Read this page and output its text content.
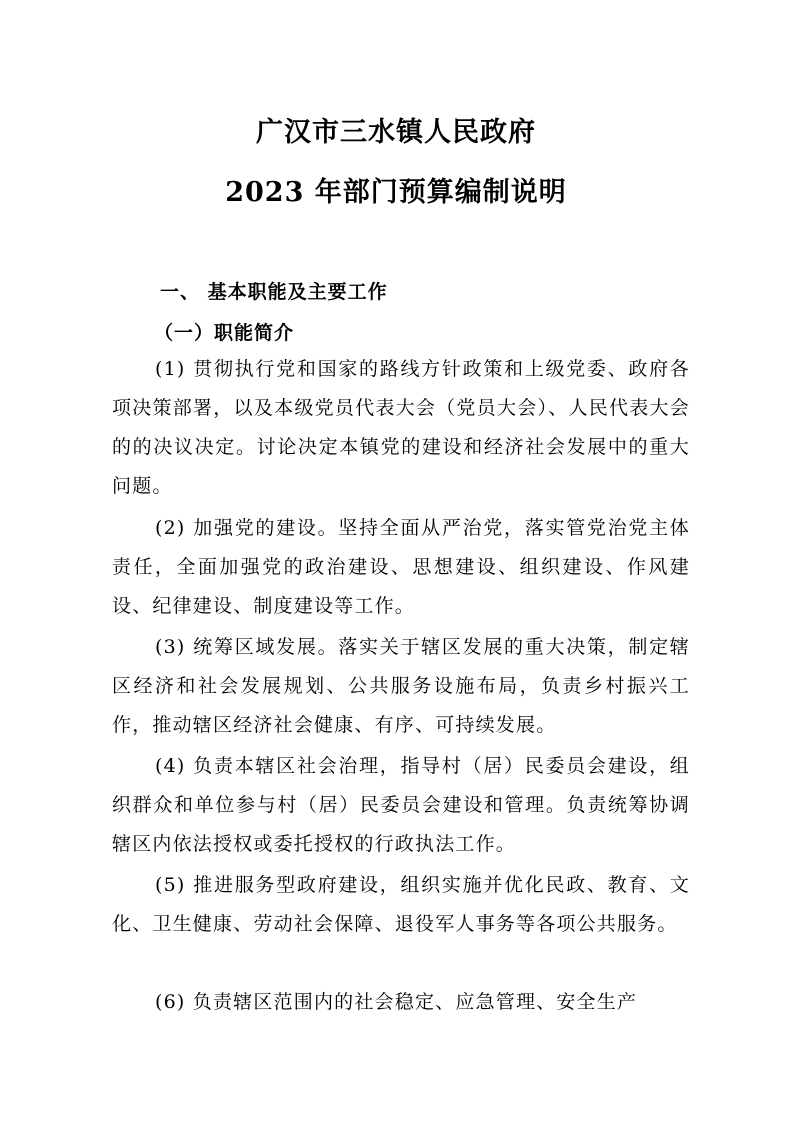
广汉市三水镇人民政府
2023 年部门预算编制说明
一、 基本职能及主要工作
（一）职能简介
(1) 贯彻执行党和国家的路线方针政策和上级党委、政府各项决策部署，以及本级党员代表大会（党员大会）、人民代表大会的的决议决定。讨论决定本镇党的建设和经济社会发展中的重大问题。
(2) 加强党的建设。坚持全面从严治党，落实管党治党主体责任，全面加强党的政治建设、思想建设、组织建设、作风建设、纪律建设、制度建设等工作。
(3) 统筹区域发展。落实关于辖区发展的重大决策，制定辖区经济和社会发展规划、公共服务设施布局，负责乡村振兴工作，推动辖区经济社会健康、有序、可持续发展。
(4) 负责本辖区社会治理，指导村（居）民委员会建设，组织群众和单位参与村（居）民委员会建设和管理。负责统筹协调辖区内依法授权或委托授权的行政执法工作。
(5) 推进服务型政府建设，组织实施并优化民政、教育、文化、卫生健康、劳动社会保障、退役军人事务等各项公共服务。
(6) 负责辖区范围内的社会稳定、应急管理、安全生产
